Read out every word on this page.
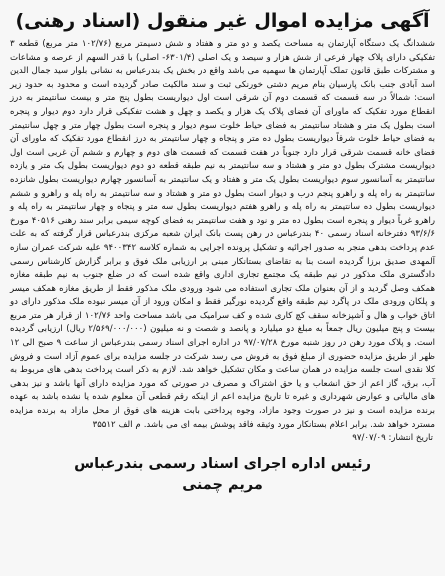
آگهی مزایده اموال غیر منقول (اسناد رهنی)

ششدانگ یک دستگاه آپارتمان به مساحت یکصد و دو متر و هفتاد و شش دسیمتر مربع (۱۰۲/۷۶ متر مربع) قطعه ۳ تفکیکی دارای پلاک چهار فرعی از شش هزار و سیصد و یک اصلی (۶۳۰۱/۴- اصلی) با قدر السهم از عرصه و مشاعات و مشترکات طبق قانون تملک آپارتمان ها سهمیه می باشد واقع در بخش یک بندرعباس به نشانی بلوار سید جمال الدین اسد آبادی جنب بانک پارسیان بنام مریم دشتی خورنکی ثبت و سند مالکیت صادر گردیده است و محدود به حدود زیر است: شمالاً در سه قسمت که قسمت دوم آن شرقی است اول دیواریست بطول پنج متر و بیست سانتیمتر به درز انقطاع مورد تفکیک که ماورای آن فضای پلاک یک هزار و یکصد و چهل و هشت تفکیکی قرار دارد دوم دیوار و پنجره است بطول یک متر و هشتاد سانتیمتر به فضای حیاط خلوت سوم دیوار و پنجره است بطول چهار متر و چهل سانتیمتر به فضای حیاط خلوت شرقاً دیواریست بطول ده متر و پنجاه و چهار سانتیمتر به درز انقطاع مورد تفکیک که ماورای آن فضای خانه قسمت شرقی قرار دارد جنوباً در هفت قسمت که قسمت های دوم و چهارم و ششم آن غربی است اول دیواریست مشترک بطول دو متر و هشتاد و سه سانتیمتر به نیم طبقه قطعه دو دوم دیواریست بطول یک متر و یازده سانتیمتر به آسانسور سوم دیواریست بطول یک متر و هفتاد و یک سانتیمتر به آسانسور چهارم دیواریست بطول شانزده سانتیمتر به راه پله و راهرو پنجم درب و دیوار است بطول دو متر و هشتاد و سه سانتیمتر به راه پله و راهرو و ششم دیواریست بطول ده سانتیمتر به راه پله و راهرو هفتم دیواریست بطول سه متر و پنجاه و چهار سانتیمتر به راه پله و راهرو غرباً دیوار و پنجره است بطول ده متر و نود و هفت سانتیمتر به فضای کوچه سیمی برابر سند رهنی ۴۰۵۱۶ مورخ ۹۳/۶/۶ دفترخانه اسناد رسمی ۴۰ بندرعباس در رهن پست بانک ایران شعبه مرکزی بندرعباس قرار گرفته که به علت عدم پرداخت بدهی منجر به صدور اجرائیه و تشکیل پرونده اجرایی به شماره کلاسه ۹۴۰۰۳۴۲ علیه شرکت عمران سازه آلمهدی صدیق برزا گردیده است بنا به تقاضای بستانکار مبنی بر ارزیابی ملک فوق و برابر گزارش کارشناس رسمی دادگستری ملک مذکور در نیم طبقه یک مجتمع تجاری اداری واقع شده است که در ضلع جنوب به نیم طبقه مغازه همکف وصل گردید و از آن بعنوان ملک تجاری استفاده می شود ورودی ملک مذکور فقط از طریق مغازه همکف میسر و پلکان ورودی ملک در پاگرد نیم طبقه واقع گردیده نورگیر فقط و امکان ورود از آن میسر نبوده ملک مذکور دارای دو اتاق خواب و هال و آشپزخانه سقف کچ کاری شده و کف سرامیک می باشد مساحت واحد ۱۰۲/۷۶ از قرار هر متر مربع بیست و پنج میلیون ریال جمعاً به مبلغ دو میلیارد و پانصد و شصت و نه میلیون (۲/۵۶۹/۰۰۰/۰۰۰ ریال) ارزیابی گردیده است. و پلاک مورد رهن در روز شنبه مورخ ۹۷/۰۷/۲۸ در اداره اجرای اسناد رسمی بندرعباس از ساعت ۹ صبح الی ۱۲ ظهر از طریق مزایده حضوری از مبلغ فوق به فروش می رسد شرکت در جلسه مزایده برای عموم آزاد است و فروش کلا نقدی است جلسه مزایده در همان ساعت و مکان تشکیل خواهد شد. لازم به ذکر است پرداخت بدهی های مربوط به آب، برق، گاز اعم از حق انشعاب و یا حق اشتراک و مصرف در صورتی که مورد مزایده دارای آنها باشد و نیز بدهی های مالیاتی و عوارض شهرداری و غیره تا تاریخ مزایده اعم از اینکه رقم قطعی آن معلوم شده یا نشده باشد به عهده برنده مزایده است و نیز در صورت وجود مازاد، وجوه پرداختی بابت هزینه های فوق از محل مازاد به برنده مزایده مسترد خواهد شد. برابر اعلام بستانکار مورد وثیقه فاقد پوشش بیمه ای می باشد. م الف ۳۵۵۱۲

تاریخ انتشار: ۹۷/۰۷/۰۹

رئیس اداره اجرای اسناد رسمی بندرعباس
مریم چمنی
